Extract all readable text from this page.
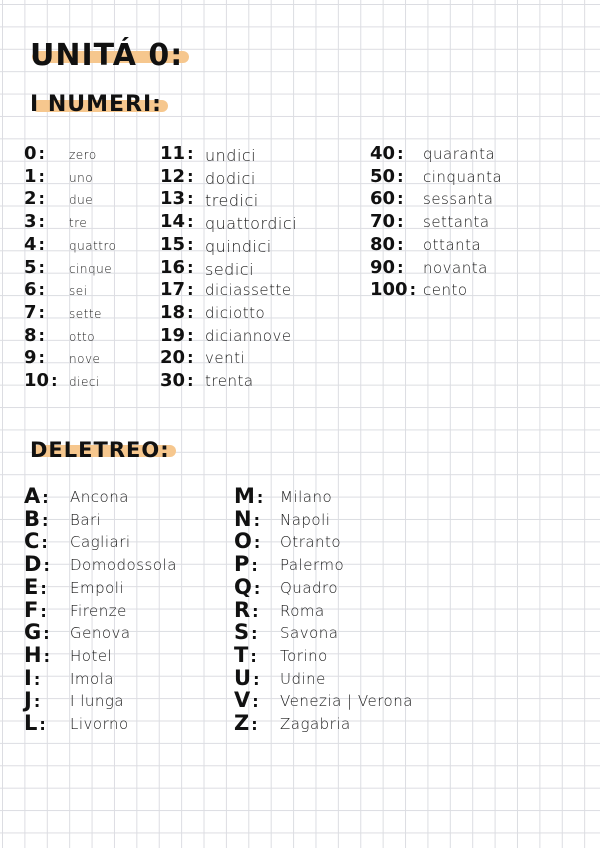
UNITÁ 0:
I NUMERI:
DELETREO:
0 : zero
1 : uno
2 : due
3 : tre
4 : quattro
5 : cinque
6 : sei
7 : sette
8 : otto
9 : nove
10 : dieci
11 : undici
12 : dodici
13 : tredici
14 : quattordici
15 : quindici
16 : sedici
17 : diciassette
18 : diciotto
19 : diciannove
20 : venti
30 : trenta
40 : quaranta
50 : cinquanta
60 : sessanta
70 : settanta
80 : ottanta
90 : novanta
100 : cento
A : Ancona
B : Bari
C : Cagliari
D : Domodossola
E : Empoli
F : Firenze
G : Genova
H : Hotel
I : Imola
J : I lunga
L : Livorno
M : Milano
N : Napoli
O : Otranto
P : Palermo
Q : Quadro
R : Roma
S : Savona
T : Torino
U : Udine
V : Venezia | Verona
Z : Zagabria
